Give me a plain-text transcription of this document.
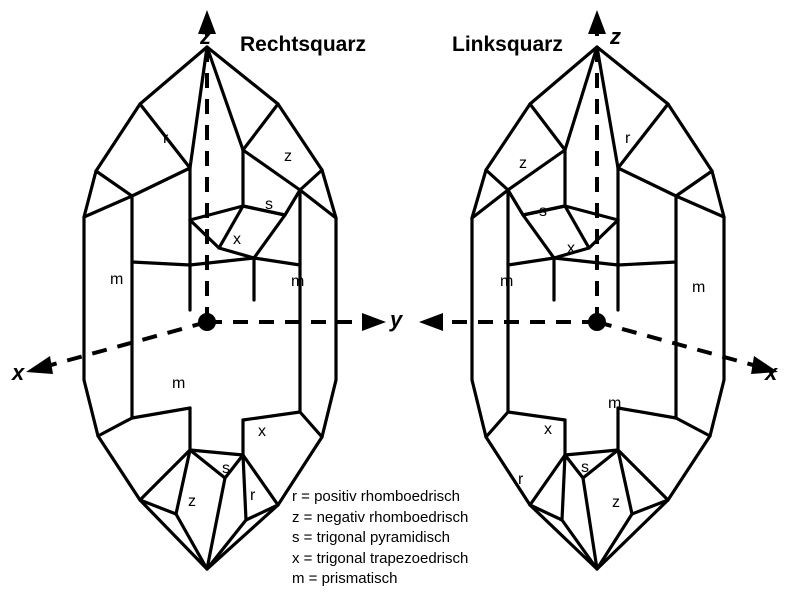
Rechtsquarz	Linksquarz
z	z
y
x	x
r
z
s
x
m	m
m
x
s
z	r
r
z
s
x
m	m
m
x
s
r
z
r = positiv rhomboedrisch
z = negativ rhomboedrisch
s = trigonal pyramidisch
x = trigonal trapezoedrisch
m = prismatisch
